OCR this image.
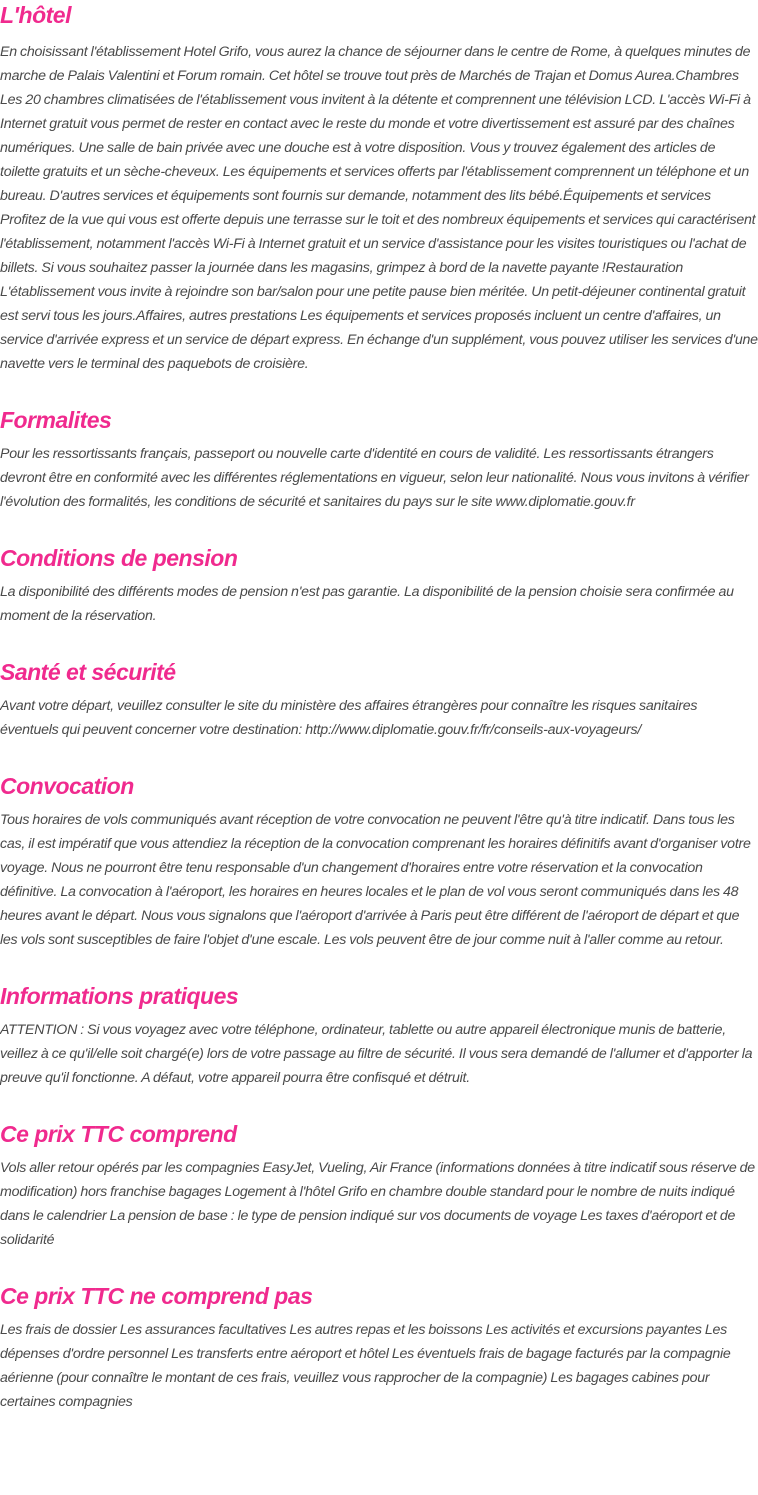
L'hôtel

En choisissant l'établissement Hotel Grifo, vous aurez la chance de séjourner dans le centre de Rome, à quelques minutes de marche de Palais Valentini et Forum romain. Cet hôtel se trouve tout près de Marchés de Trajan et Domus Aurea.Chambres Les 20 chambres climatisées de l'établissement vous invitent à la détente et comprennent une télévision LCD. L'accès Wi-Fi à Internet gratuit vous permet de rester en contact avec le reste du monde et votre divertissement est assuré par des chaînes numériques. Une salle de bain privée avec une douche est à votre disposition. Vous y trouvez également des articles de toilette gratuits et un sèche-cheveux. Les équipements et services offerts par l'établissement comprennent un téléphone et un bureau. D'autres services et équipements sont fournis sur demande, notamment des lits bébé.Équipements et services Profitez de la vue qui vous est offerte depuis une terrasse sur le toit et des nombreux équipements et services qui caractérisent l'établissement, notamment l'accès Wi-Fi à Internet gratuit et un service d'assistance pour les visites touristiques ou l'achat de billets. Si vous souhaitez passer la journée dans les magasins, grimpez à bord de la navette payante !Restauration L'établissement vous invite à rejoindre son bar/salon pour une petite pause bien méritée. Un petit-déjeuner continental gratuit est servi tous les jours.Affaires, autres prestations Les équipements et services proposés incluent un centre d'affaires, un service d'arrivée express et un service de départ express. En échange d'un supplément, vous pouvez utiliser les services d'une navette vers le terminal des paquebots de croisière.

Formalites

Pour les ressortissants français, passeport ou nouvelle carte d'identité en cours de validité. Les ressortissants étrangers devront être en conformité avec les différentes réglementations en vigueur, selon leur nationalité. Nous vous invitons à vérifier l'évolution des formalités, les conditions de sécurité et sanitaires du pays sur le site www.diplomatie.gouv.fr

Conditions de pension

La disponibilité des différents modes de pension n'est pas garantie. La disponibilité de la pension choisie sera confirmée au moment de la réservation.

Santé et sécurité

Avant votre départ, veuillez consulter le site du ministère des affaires étrangères pour connaître les risques sanitaires éventuels qui peuvent concerner votre destination: http://www.diplomatie.gouv.fr/fr/conseils-aux-voyageurs/

Convocation

Tous horaires de vols communiqués avant réception de votre convocation ne peuvent l'être qu'à titre indicatif. Dans tous les cas, il est impératif que vous attendiez la réception de la convocation comprenant les horaires définitifs avant d'organiser votre voyage. Nous ne pourront être tenu responsable d'un changement d'horaires entre votre réservation et la convocation définitive. La convocation à l'aéroport, les horaires en heures locales et le plan de vol vous seront communiqués dans les 48 heures avant le départ. Nous vous signalons que l'aéroport d'arrivée à Paris peut être différent de l'aéroport de départ et que les vols sont susceptibles de faire l'objet d'une escale. Les vols peuvent être de jour comme nuit à l'aller comme au retour.

Informations pratiques

ATTENTION : Si vous voyagez avec votre téléphone, ordinateur, tablette ou autre appareil électronique munis de batterie, veillez à ce qu'il/elle soit chargé(e) lors de votre passage au filtre de sécurité. Il vous sera demandé de l'allumer et d'apporter la preuve qu'il fonctionne. A défaut, votre appareil pourra être confisqué et détruit.

Ce prix TTC comprend

Vols aller retour opérés par les compagnies EasyJet, Vueling, Air France (informations données à titre indicatif sous réserve de modification) hors franchise bagages Logement à l'hôtel Grifo en chambre double standard pour le nombre de nuits indiqué dans le calendrier La pension de base : le type de pension indiqué sur vos documents de voyage Les taxes d'aéroport et de solidarité

Ce prix TTC ne comprend pas

Les frais de dossier Les assurances facultatives Les autres repas et les boissons Les activités et excursions payantes Les dépenses d'ordre personnel Les transferts entre aéroport et hôtel Les éventuels frais de bagage facturés par la compagnie aérienne (pour connaître le montant de ces frais, veuillez vous rapprocher de la compagnie) Les bagages cabines pour certaines compagnies
